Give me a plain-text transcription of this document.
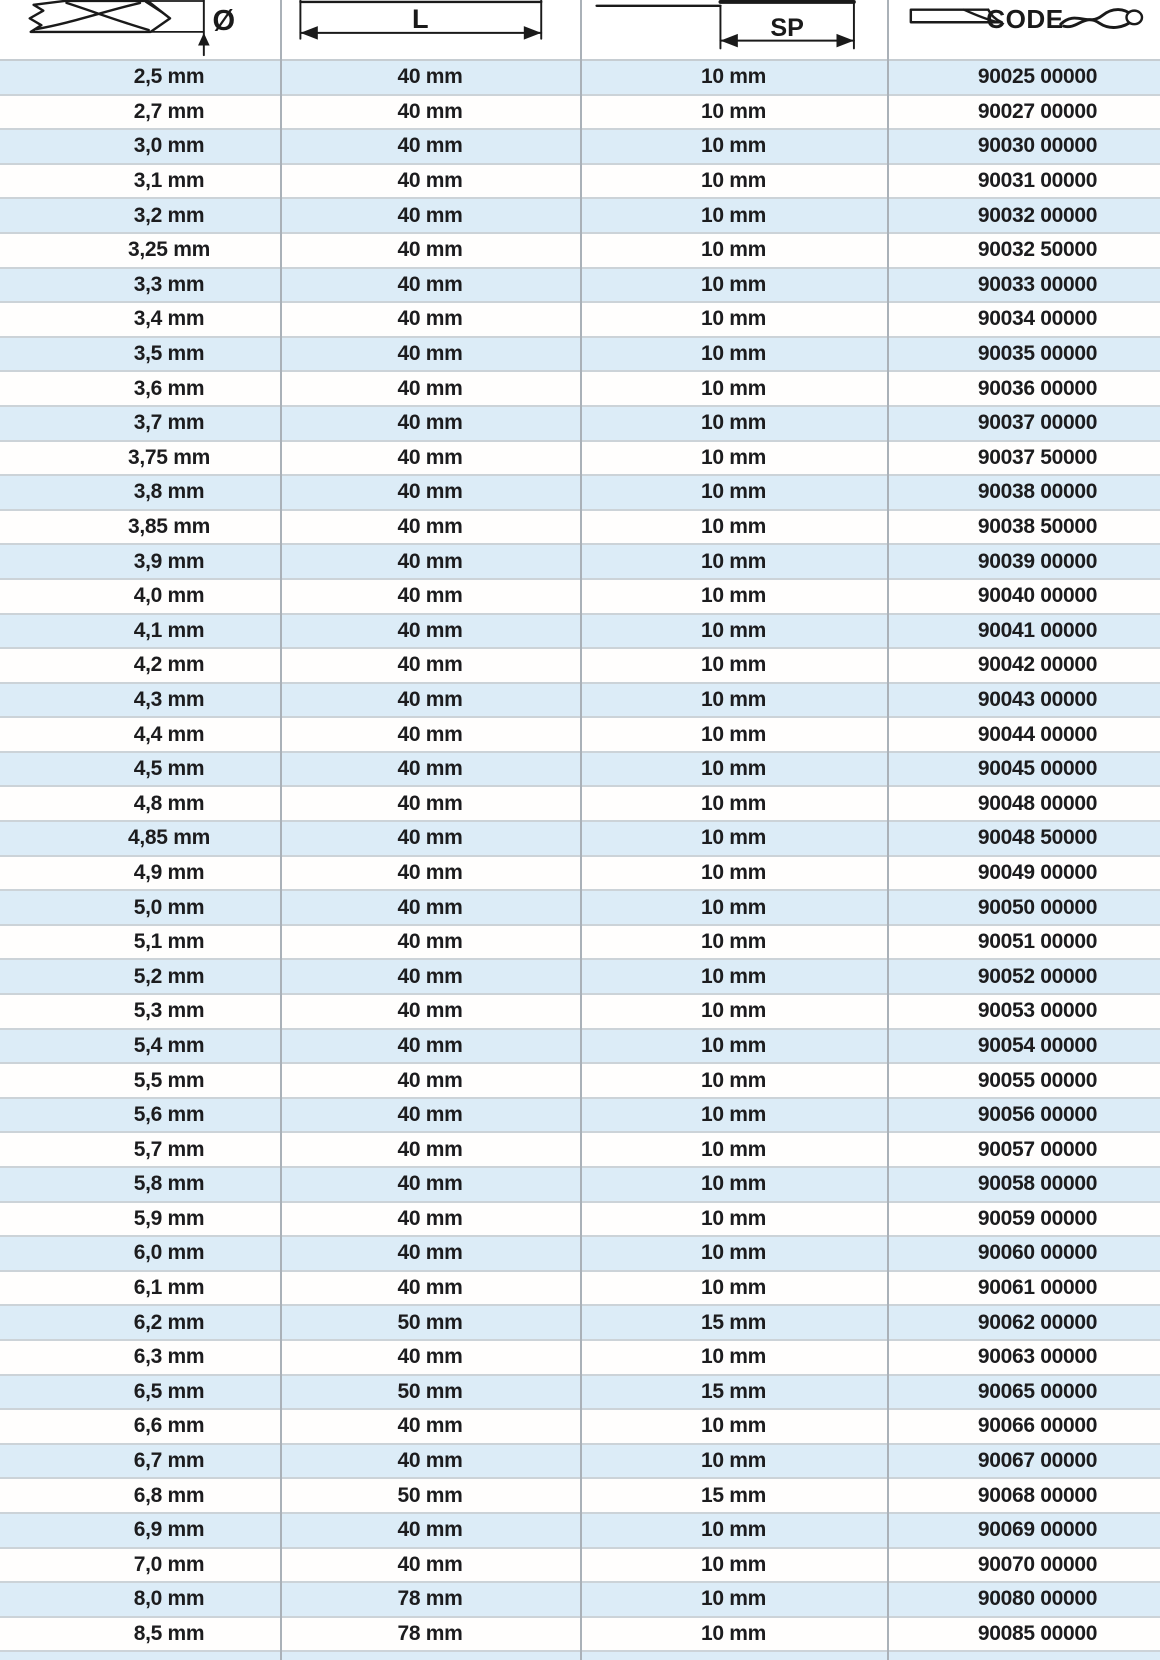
Ø	L	SP	CODE
2,5 mm	40 mm	10 mm	90025 00000
2,7 mm	40 mm	10 mm	90027 00000
3,0 mm	40 mm	10 mm	90030 00000
3,1 mm	40 mm	10 mm	90031 00000
3,2 mm	40 mm	10 mm	90032 00000
3,25 mm	40 mm	10 mm	90032 50000
3,3 mm	40 mm	10 mm	90033 00000
3,4 mm	40 mm	10 mm	90034 00000
3,5 mm	40 mm	10 mm	90035 00000
3,6 mm	40 mm	10 mm	90036 00000
3,7 mm	40 mm	10 mm	90037 00000
3,75 mm	40 mm	10 mm	90037 50000
3,8 mm	40 mm	10 mm	90038 00000
3,85 mm	40 mm	10 mm	90038 50000
3,9 mm	40 mm	10 mm	90039 00000
4,0 mm	40 mm	10 mm	90040 00000
4,1 mm	40 mm	10 mm	90041 00000
4,2 mm	40 mm	10 mm	90042 00000
4,3 mm	40 mm	10 mm	90043 00000
4,4 mm	40 mm	10 mm	90044 00000
4,5 mm	40 mm	10 mm	90045 00000
4,8 mm	40 mm	10 mm	90048 00000
4,85 mm	40 mm	10 mm	90048 50000
4,9 mm	40 mm	10 mm	90049 00000
5,0 mm	40 mm	10 mm	90050 00000
5,1 mm	40 mm	10 mm	90051 00000
5,2 mm	40 mm	10 mm	90052 00000
5,3 mm	40 mm	10 mm	90053 00000
5,4 mm	40 mm	10 mm	90054 00000
5,5 mm	40 mm	10 mm	90055 00000
5,6 mm	40 mm	10 mm	90056 00000
5,7 mm	40 mm	10 mm	90057 00000
5,8 mm	40 mm	10 mm	90058 00000
5,9 mm	40 mm	10 mm	90059 00000
6,0 mm	40 mm	10 mm	90060 00000
6,1 mm	40 mm	10 mm	90061 00000
6,2 mm	50 mm	15 mm	90062 00000
6,3 mm	40 mm	10 mm	90063 00000
6,5 mm	50 mm	15 mm	90065 00000
6,6 mm	40 mm	10 mm	90066 00000
6,7 mm	40 mm	10 mm	90067 00000
6,8 mm	50 mm	15 mm	90068 00000
6,9 mm	40 mm	10 mm	90069 00000
7,0 mm	40 mm	10 mm	90070 00000
8,0 mm	78 mm	10 mm	90080 00000
8,5 mm	78 mm	10 mm	90085 00000
